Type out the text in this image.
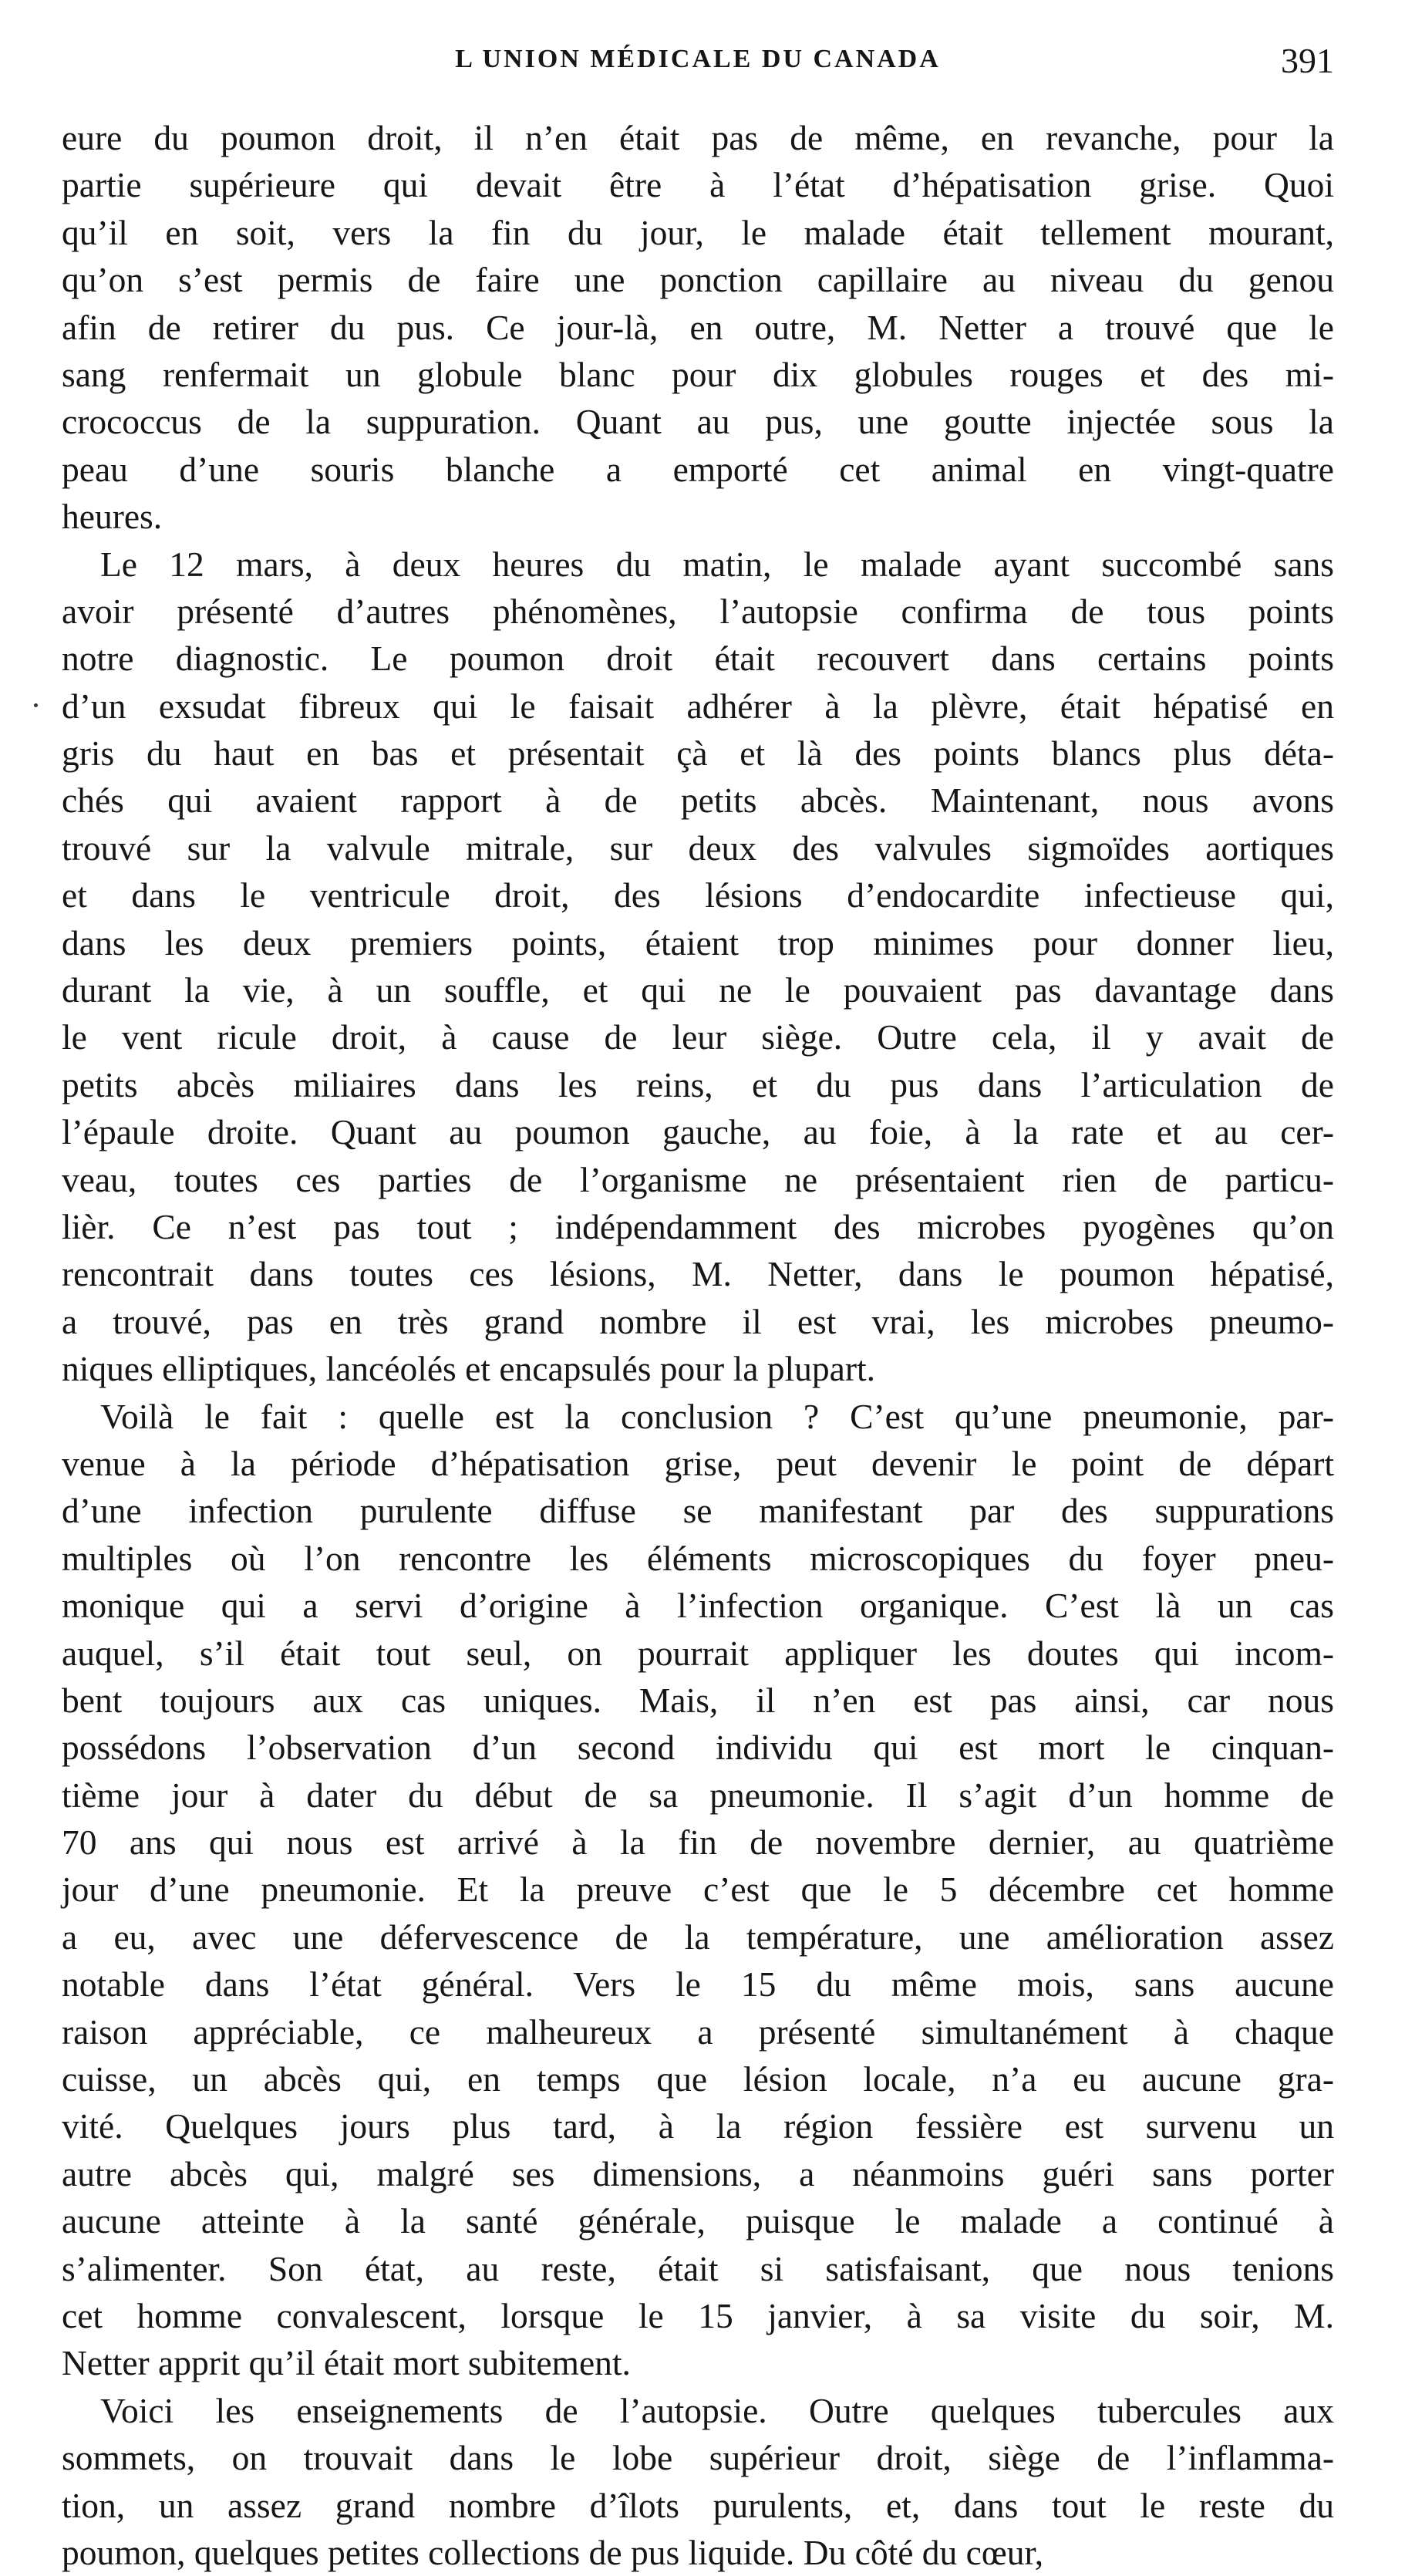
L UNION MÉDICALE DU CANADA	391
eure du poumon droit, il n’en était pas de même, en revanche, pour la
partie supérieure qui devait être à l’état d’hépatisation grise. Quoi
qu’il en soit, vers la fin du jour, le malade était tellement mourant,
qu’on s’est permis de faire une ponction capillaire au niveau du genou
afin de retirer du pus. Ce jour-là, en outre, M. Netter a trouvé que le
sang renfermait un globule blanc pour dix globules rouges et des mi-
crococcus de la suppuration. Quant au pus, une goutte injectée sous la
peau d’une souris blanche a emporté cet animal en vingt-quatre
heures.
Le 12 mars, à deux heures du matin, le malade ayant succombé sans
avoir présenté d’autres phénomènes, l’autopsie confirma de tous points
notre diagnostic. Le poumon droit était recouvert dans certains points
d’un exsudat fibreux qui le faisait adhérer à la plèvre, était hépatisé en
gris du haut en bas et présentait çà et là des points blancs plus déta-
chés qui avaient rapport à de petits abcès. Maintenant, nous avons
trouvé sur la valvule mitrale, sur deux des valvules sigmoïdes aortiques
et dans le ventricule droit, des lésions d’endocardite infectieuse qui,
dans les deux premiers points, étaient trop minimes pour donner lieu,
durant la vie, à un souffle, et qui ne le pouvaient pas davantage dans
le vent ricule droit, à cause de leur siège. Outre cela, il y avait de
petits abcès miliaires dans les reins, et du pus dans l’articulation de
l’épaule droite. Quant au poumon gauche, au foie, à la rate et au cer-
veau, toutes ces parties de l’organisme ne présentaient rien de particu-
lièr. Ce n’est pas tout ; indépendamment des microbes pyogènes qu’on
rencontrait dans toutes ces lésions, M. Netter, dans le poumon hépatisé,
a trouvé, pas en très grand nombre il est vrai, les microbes pneumo-
niques elliptiques, lancéolés et encapsulés pour la plupart.
Voilà le fait : quelle est la conclusion ? C’est qu’une pneumonie, par-
venue à la période d’hépatisation grise, peut devenir le point de départ
d’une infection purulente diffuse se manifestant par des suppurations
multiples où l’on rencontre les éléments microscopiques du foyer pneu-
monique qui a servi d’origine à l’infection organique. C’est là un cas
auquel, s’il était tout seul, on pourrait appliquer les doutes qui incom-
bent toujours aux cas uniques. Mais, il n’en est pas ainsi, car nous
possédons l’observation d’un second individu qui est mort le cinquan-
tième jour à dater du début de sa pneumonie. Il s’agit d’un homme de
70 ans qui nous est arrivé à la fin de novembre dernier, au quatrième
jour d’une pneumonie. Et la preuve c’est que le 5 décembre cet homme
a eu, avec une défervescence de la température, une amélioration assez
notable dans l’état général. Vers le 15 du même mois, sans aucune
raison appréciable, ce malheureux a présenté simultanément à chaque
cuisse, un abcès qui, en temps que lésion locale, n’a eu aucune gra-
vité. Quelques jours plus tard, à la région fessière est survenu un
autre abcès qui, malgré ses dimensions, a néanmoins guéri sans porter
aucune atteinte à la santé générale, puisque le malade a continué à
s’alimenter. Son état, au reste, était si satisfaisant, que nous tenions
cet homme convalescent, lorsque le 15 janvier, à sa visite du soir, M.
Netter apprit qu’il était mort subitement.
Voici les enseignements de l’autopsie. Outre quelques tubercules aux
sommets, on trouvait dans le lobe supérieur droit, siège de l’inflamma-
tion, un assez grand nombre d’îlots purulents, et, dans tout le reste du
poumon, quelques petites collections de pus liquide. Du côté du cœur,
